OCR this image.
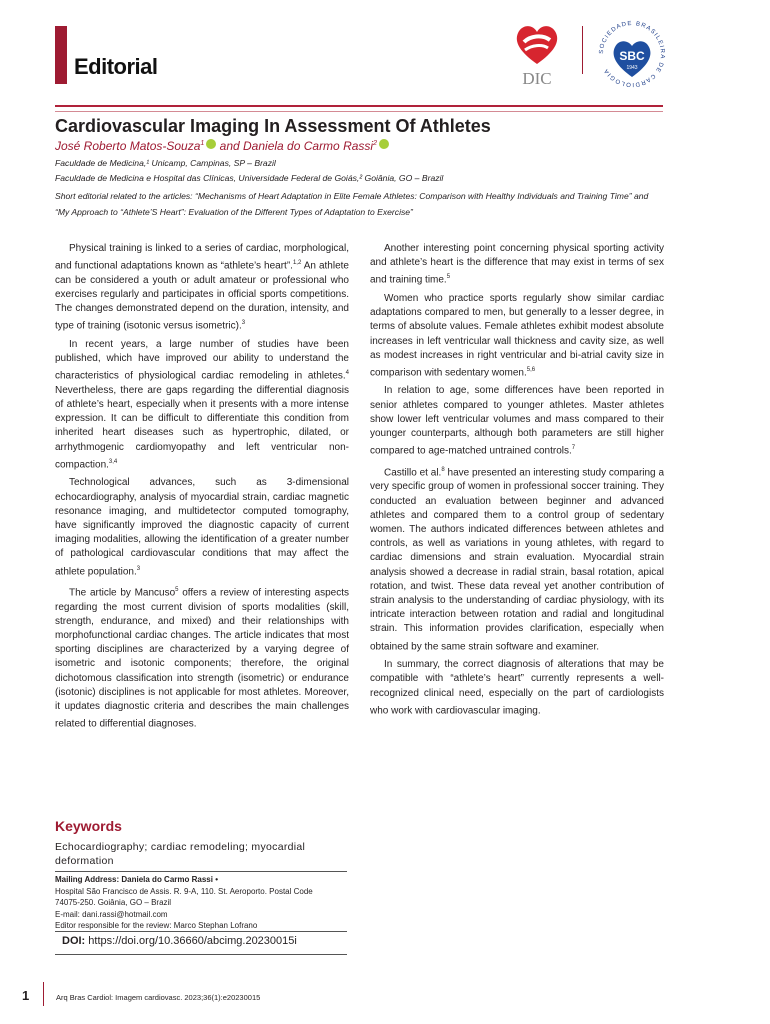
Editorial	DIC
SOCIEDADE BRASILEIRA DE CARDIOLOGIA
SBC
1943
Cardiovascular Imaging In Assessment Of Athletes
José Roberto Matos-Souza$^1$ and Daniela do Carmo Rassi$^2$
Faculdade de Medicina,¹ Unicamp, Campinas, SP – Brazil
Faculdade de Medicina e Hospital das Clínicas, Universidade Federal de Goiás,² Goiânia, GO – Brazil
Short editorial related to the articles: “Mechanisms of Heart Adaptation in Elite Female Athletes: Comparison with Healthy Individuals and Training Time” and “My Approach to “Athlete’S Heart”: Evaluation of the Different Types of Adaptation to Exercise”

Physical training is linked to a series of cardiac, morphological, and functional adaptations known as “athlete’s heart”.$^{1,2}$ An athlete can be considered a youth or adult amateur or professional who exercises regularly and participates in official sports competitions. The changes demonstrated depend on the duration, intensity, and type of training (isotonic versus isometric).$^3$

In recent years, a large number of studies have been published, which have improved our ability to understand the characteristics of physiological cardiac remodeling in athletes.$^4$ Nevertheless, there are gaps regarding the differential diagnosis of athlete’s heart, especially when it presents with a more intense expression. It can be difficult to differentiate this condition from inherited heart diseases such as hypertrophic, dilated, or arrhythmogenic cardiomyopathy and left ventricular non-compaction.$^{3,4}$

Technological advances, such as 3-dimensional echocardiography, analysis of myocardial strain, cardiac magnetic resonance imaging, and multidetector computed tomography, have significantly improved the diagnostic capacity of current imaging modalities, allowing the identification of a greater number of pathological cardiovascular conditions that may affect the athlete population.$^3$

The article by Mancuso$^5$ offers a review of interesting aspects regarding the most current division of sports modalities (skill, strength, endurance, and mixed) and their relationships with morphofunctional cardiac changes. The article indicates that most sporting disciplines are characterized by a varying degree of isometric and isotonic components; therefore, the original dichotomous classification into strength (isometric) or endurance (isotonic) disciplines is not applicable for most athletes. Moreover, it updates diagnostic criteria and describes the main challenges related to differential diagnoses.

Another interesting point concerning physical sporting activity and athlete’s heart is the difference that may exist in terms of sex and training time.$^5$

Women who practice sports regularly show similar cardiac adaptations compared to men, but generally to a lesser degree, in terms of absolute values. Female athletes exhibit modest absolute increases in left ventricular wall thickness and cavity size, as well as modest increases in right ventricular and bi-atrial cavity size in comparison with sedentary women.$^{5,6}$

In relation to age, some differences have been reported in senior athletes compared to younger athletes. Master athletes show lower left ventricular volumes and mass compared to their younger counterparts, although both parameters are still higher compared to age-matched untrained controls.$^7$

Castillo et al.$^8$ have presented an interesting study comparing a very specific group of women in professional soccer training. They conducted an evaluation between beginner and advanced athletes and compared them to a control group of sedentary women. The authors indicated differences between athletes and controls, as well as variations in young athletes, with regard to cardiac dimensions and strain evaluation. Myocardial strain analysis showed a decrease in radial strain, basal rotation, apical rotation, and twist. These data reveal yet another contribution of strain analysis to the understanding of cardiac physiology, with its intricate interaction between rotation and radial and longitudinal strain. This information provides clarification, especially when obtained by the same strain software and examiner.

In summary, the correct diagnosis of alterations that may be compatible with “athlete’s heart” currently represents a well-recognized clinical need, especially on the part of cardiologists who work with cardiovascular imaging.

Keywords
Echocardiography; cardiac remodeling; myocardial deformation
Mailing Address: Daniela do Carmo Rassi •
Hospital São Francisco de Assis. R. 9-A, 110. St. Aeroporto. Postal Code
74075-250. Goiânia, GO – Brazil
E-mail: dani.rassi@hotmail.com
Editor responsible for the review: Marco Stephan Lofrano
DOI: https://doi.org/10.36660/abcimg.20230015i
1	Arq Bras Cardiol: Imagem cardiovasc. 2023;36(1):e20230015
